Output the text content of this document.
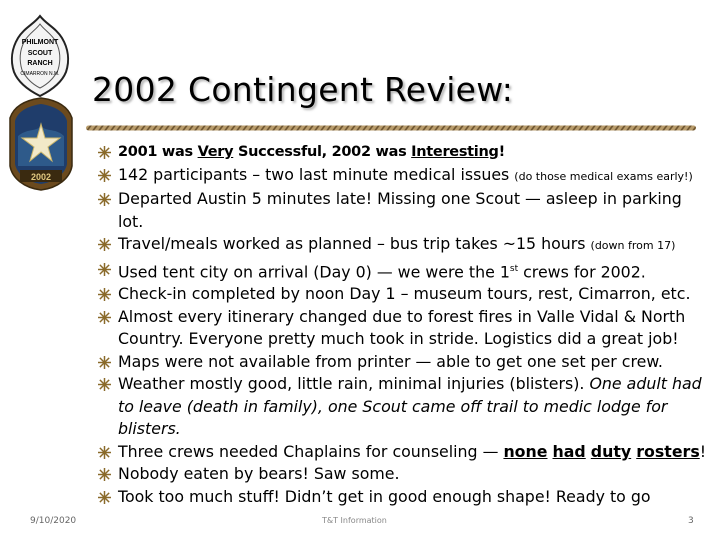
PHILMONT
SCOUT
RANCH
CIMARRON N.M.
2002
2002 Contingent Review:
2001 was Very Successful, 2002 was Interesting!
142 participants – two last minute medical issues (do those medical exams early!)
Departed Austin 5 minutes late! Missing one Scout — asleep in parking lot.
Travel/meals worked as planned – bus trip takes ~15 hours (down from 17)
Used tent city on arrival (Day 0) — we were the 1st crews for 2002.
Check-in completed by noon Day 1 – museum tours, rest, Cimarron, etc.
Almost every itinerary changed due to forest fires in Valle Vidal & North Country. Everyone pretty much took in stride. Logistics did a great job!
Maps were not available from printer — able to get one set per crew.
Weather mostly good, little rain, minimal injuries (blisters). One adult had to leave (death in family), one Scout came off trail to medic lodge for blisters.
Three crews needed Chaplains for counseling — none had duty rosters!
Nobody eaten by bears! Saw some.
Took too much stuff! Didn’t get in good enough shape! Ready to go
9/10/2020	T&T Information	3
